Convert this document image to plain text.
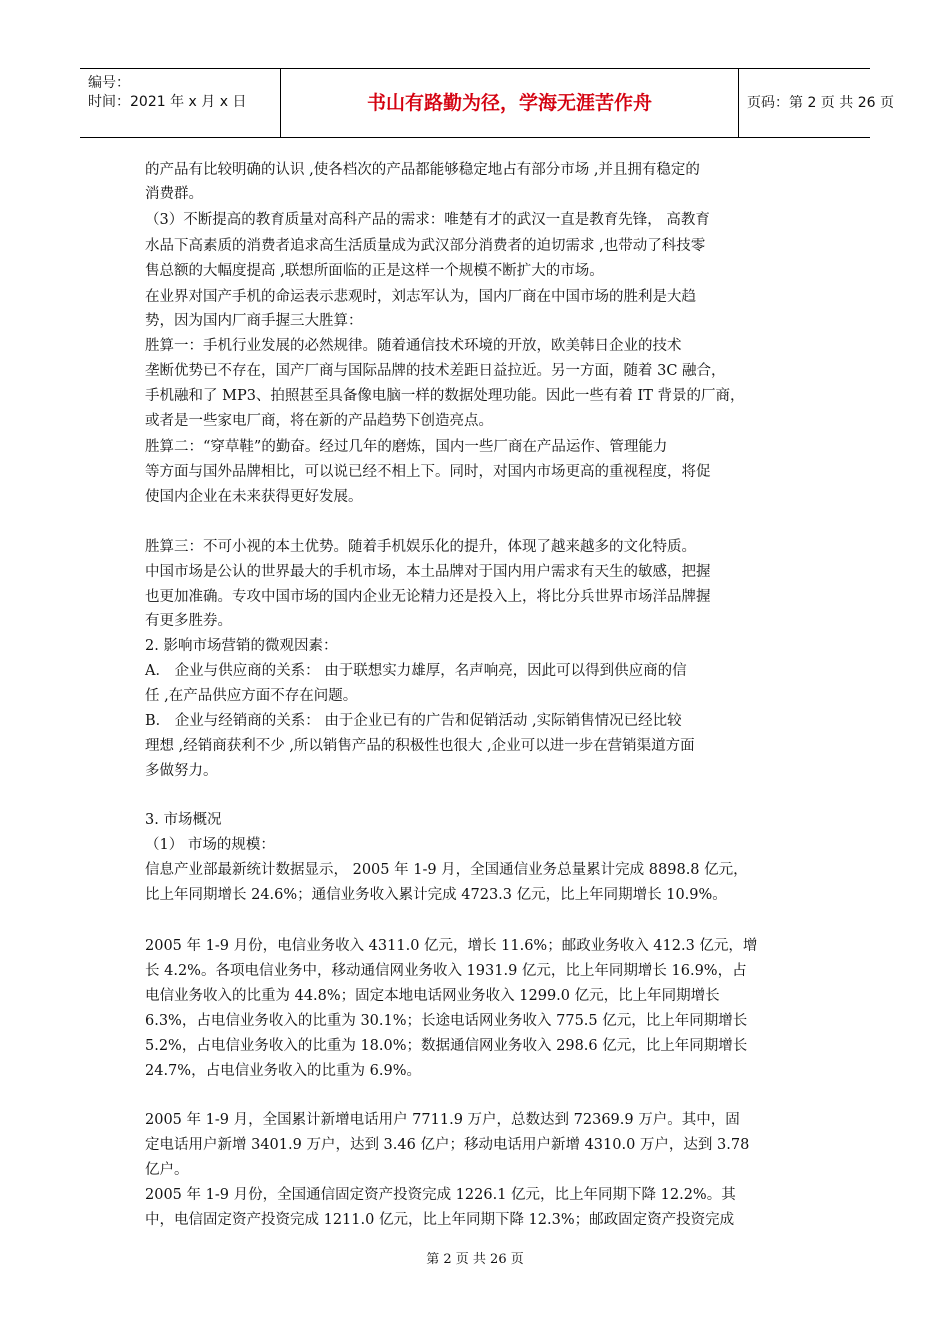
编号：
时间：2021 年 x 月 x 日	书山有路勤为径，学海无涯苦作舟	页码：第 2 页 共 26 页
的产品有比较明确的认识 ,使各档次的产品都能够稳定地占有部分市场 ,并且拥有稳定的
消费群。
（3）不断提高的教育质量对高科产品的需求：唯楚有才的武汉一直是教育先锋， 高教育
水品下高素质的消费者追求高生活质量成为武汉部分消费者的迫切需求 ,也带动了科技零
售总额的大幅度提高 ,联想所面临的正是这样一个规模不断扩大的市场。
在业界对国产手机的命运表示悲观时，刘志军认为，国内厂商在中国市场的胜利是大趋
势，因为国内厂商手握三大胜算：
胜算一：手机行业发展的必然规律。随着通信技术环境的开放，欧美韩日企业的技术
垄断优势已不存在，国产厂商与国际品牌的技术差距日益拉近。另一方面，随着 3C 融合，
手机融和了 MP3、拍照甚至具备像电脑一样的数据处理功能。因此一些有着 IT 背景的厂商，
或者是一些家电厂商，将在新的产品趋势下创造亮点。
胜算二：“穿草鞋”的勤奋。经过几年的磨炼，国内一些厂商在产品运作、管理能力
等方面与国外品牌相比，可以说已经不相上下。同时，对国内市场更高的重视程度，将促
使国内企业在未来获得更好发展。
胜算三：不可小视的本土优势。随着手机娱乐化的提升，体现了越来越多的文化特质。
中国市场是公认的世界最大的手机市场，本土品牌对于国内用户需求有天生的敏感，把握
也更加准确。专攻中国市场的国内企业无论精力还是投入上，将比分兵世界市场洋品牌握
有更多胜券。
2. 影响市场营销的微观因素：
A． 企业与供应商的关系： 由于联想实力雄厚，名声响亮，因此可以得到供应商的信
任 ,在产品供应方面不存在问题。
B． 企业与经销商的关系： 由于企业已有的广告和促销活动 ,实际销售情况已经比较
理想 ,经销商获利不少 ,所以销售产品的积极性也很大 ,企业可以进一步在营销渠道方面
多做努力。
3. 市场概况
（1） 市场的规模：
信息产业部最新统计数据显示， 2005 年 1-9 月，全国通信业务总量累计完成 8898.8 亿元，
比上年同期增长 24.6%；通信业务收入累计完成 4723.3 亿元，比上年同期增长 10.9%。
2005 年 1-9 月份，电信业务收入 4311.0 亿元，增长 11.6%；邮政业务收入 412.3 亿元，增
长 4.2%。各项电信业务中，移动通信网业务收入 1931.9 亿元，比上年同期增长 16.9%，占
电信业务收入的比重为 44.8%；固定本地电话网业务收入 1299.0 亿元，比上年同期增长
6.3%，占电信业务收入的比重为 30.1%；长途电话网业务收入 775.5 亿元，比上年同期增长
5.2%，占电信业务收入的比重为 18.0%；数据通信网业务收入 298.6 亿元，比上年同期增长
24.7%，占电信业务收入的比重为 6.9%。
2005 年 1-9 月，全国累计新增电话用户 7711.9 万户，总数达到 72369.9 万户。其中，固
定电话用户新增 3401.9 万户，达到 3.46 亿户；移动电话用户新增 4310.0 万户，达到 3.78
亿户。
2005 年 1-9 月份，全国通信固定资产投资完成 1226.1 亿元，比上年同期下降 12.2%。其
中，电信固定资产投资完成 1211.0 亿元，比上年同期下降 12.3%；邮政固定资产投资完成
第 2 页 共 26 页
